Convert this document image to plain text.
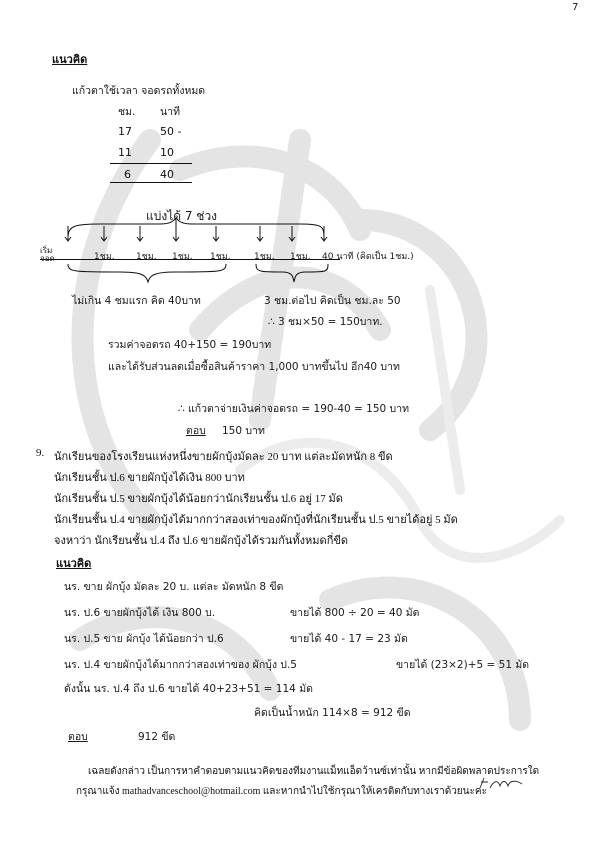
7
แนวคิด
แก้วตาใช้เวลา จอดรถทั้งหมด
ชม. นาที
17	50 -
11	10
6	40
แบ่งได้ 7 ช่วง
เริ่มจอด	1ชม. 1ชม. 1ชม. 1ชม.	1ชม. 1ชม. 40 นาที (คิดเป็น 1ชม.)
ไม่เกิน 4 ชมแรก คิด 40บาท	3 ชม.ต่อไป คิดเป็น ชม.ละ 50
∴ 3 ชม×50 = 150บาท.
รวมค่าจอดรถ 40+150 = 190บาท
และได้รับส่วนลดเมื่อซื้อสินค้าราคา 1,000 บาทขึ้นไป อีก40 บาท
∴ แก้วตาจ่ายเงินค่าจอดรถ = 190-40 = 150 บาท
ตอบ 150 บาท
9. นักเรียนของโรงเรียนแห่งหนึ่งขายผักบุ้งมัดละ 20 บาท แต่ละมัดหนัก 8 ขีด
นักเรียนชั้น ป.6 ขายผักบุ้งได้เงิน 800 บาท
นักเรียนชั้น ป.5 ขายผักบุ้งได้น้อยกว่านักเรียนชั้น ป.6 อยู่ 17 มัด
นักเรียนชั้น ป.4 ขายผักบุ้งได้มากกว่าสองเท่าของผักบุ้งที่นักเรียนชั้น ป.5 ขายได้อยู่ 5 มัด
จงหาว่า นักเรียนชั้น ป.4 ถึง ป.6 ขายผักบุ้งได้รวมกันทั้งหมดกี่ขีด
แนวคิด
นร. ขาย ผักบุ้ง มัดละ 20 บ. แต่ละ มัดหนัก 8 ขีด
นร. ป.6 ขายผักบุ้งได้ เงิน 800 บ.	ขายได้ 800 ÷ 20 = 40 มัด
นร. ป.5 ขาย ผักบุ้ง ได้น้อยกว่า ป.6	ขายได้ 40 - 17 = 23 มัด
นร. ป.4 ขายผักบุ้งได้มากกว่าสองเท่าของ ผักบุ้ง ป.5	ขายได้ (23×2)+5 = 51 มัด
ดังนั้น นร. ป.4 ถึง ป.6 ขายได้ 40+23+51 = 114 มัด
คิดเป็นน้ำหนัก 114×8 = 912 ขีด
ตอบ	912 ขีด
เฉลยดังกล่าว เป็นการหาคำตอบตามแนวคิดของทีมงานแม็ทแอ็ดว้านซ์เท่านั้น หากมีข้อผิดพลาดประการใด
กรุณาแจ้ง mathadvanceschool@hotmail.com และหากนำไปใช้กรุณาให้เครดิตกับทางเราด้วยนะคะ
